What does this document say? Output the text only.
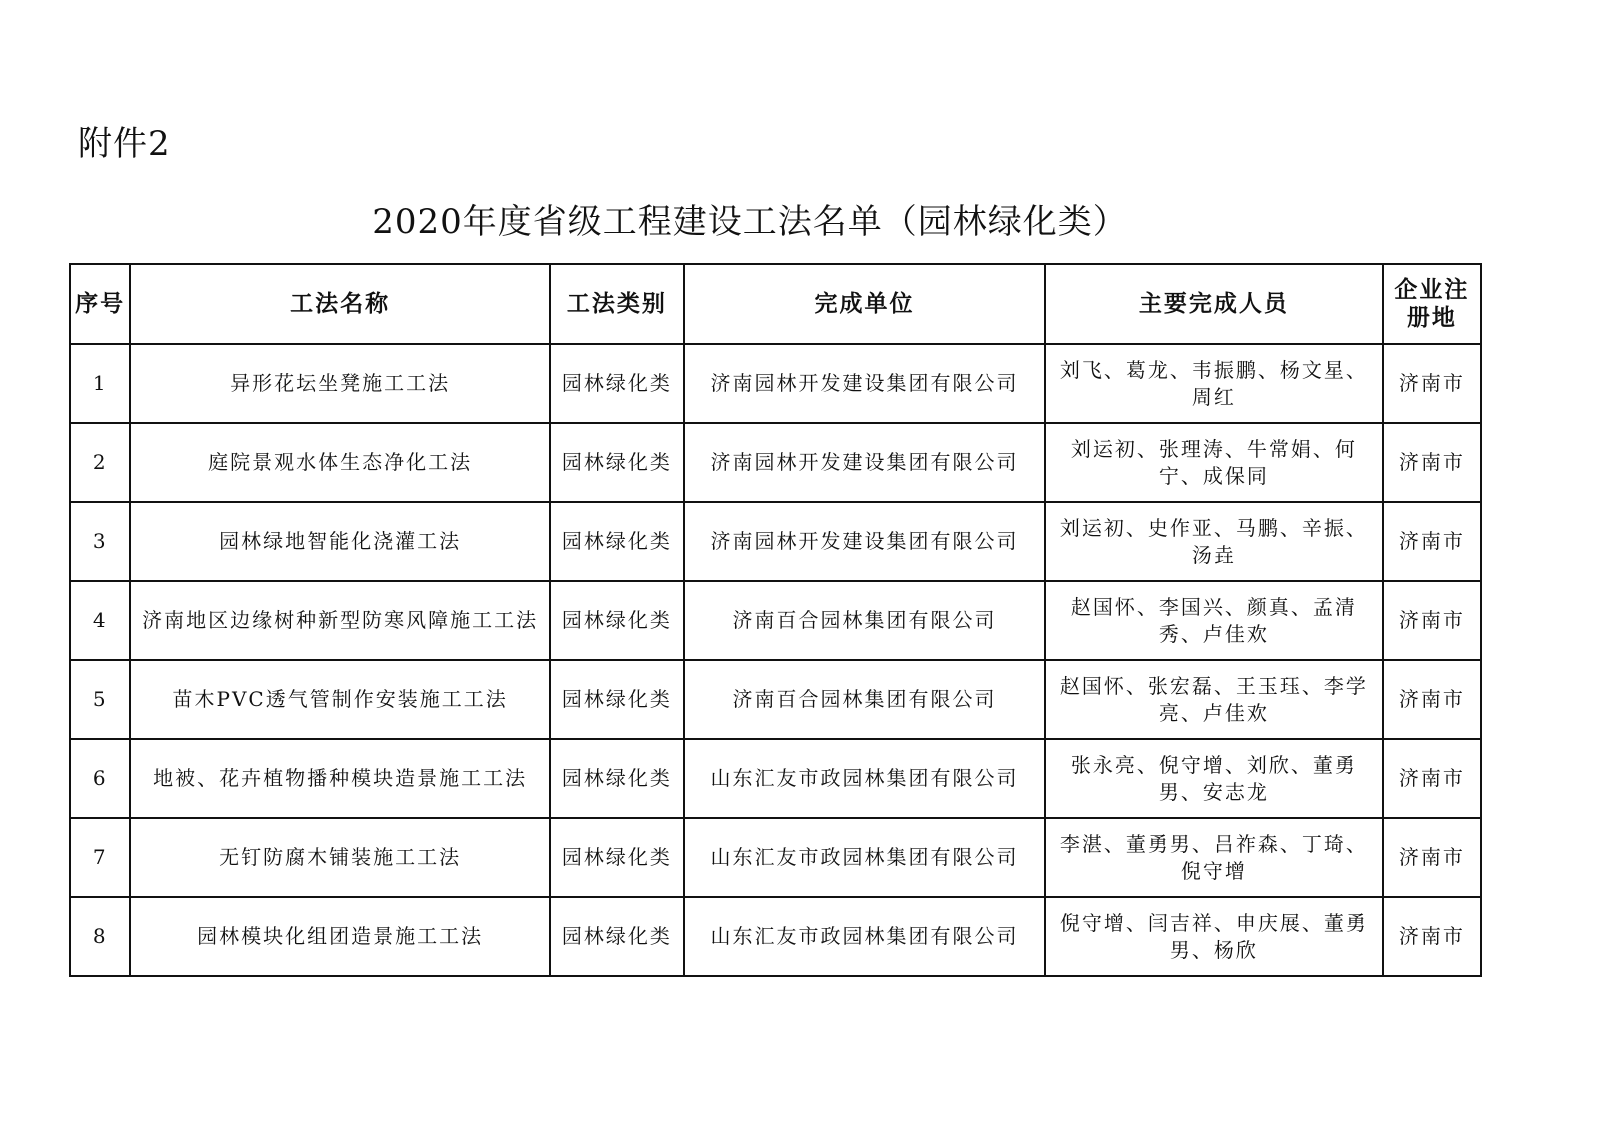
附件2
2020年度省级工程建设工法名单（园林绿化类）
序号	工法名称	工法类别	完成单位	主要完成人员	企业注册地
1	异形花坛坐凳施工工法	园林绿化类	济南园林开发建设集团有限公司	刘飞、葛龙、韦振鹏、杨文星、周红	济南市
2	庭院景观水体生态净化工法	园林绿化类	济南园林开发建设集团有限公司	刘运初、张理涛、牛常娟、何宁、成保同	济南市
3	园林绿地智能化浇灌工法	园林绿化类	济南园林开发建设集团有限公司	刘运初、史作亚、马鹏、辛振、汤垚	济南市
4	济南地区边缘树种新型防寒风障施工工法	园林绿化类	济南百合园林集团有限公司	赵国怀、李国兴、颜真、孟清秀、卢佳欢	济南市
5	苗木PVC透气管制作安装施工工法	园林绿化类	济南百合园林集团有限公司	赵国怀、张宏磊、王玉珏、李学亮、卢佳欢	济南市
6	地被、花卉植物播种模块造景施工工法	园林绿化类	山东汇友市政园林集团有限公司	张永亮、倪守增、刘欣、董勇男、安志龙	济南市
7	无钉防腐木铺装施工工法	园林绿化类	山东汇友市政园林集团有限公司	李湛、董勇男、吕祚森、丁琦、倪守增	济南市
8	园林模块化组团造景施工工法	园林绿化类	山东汇友市政园林集团有限公司	倪守增、闫吉祥、申庆展、董勇男、杨欣	济南市
